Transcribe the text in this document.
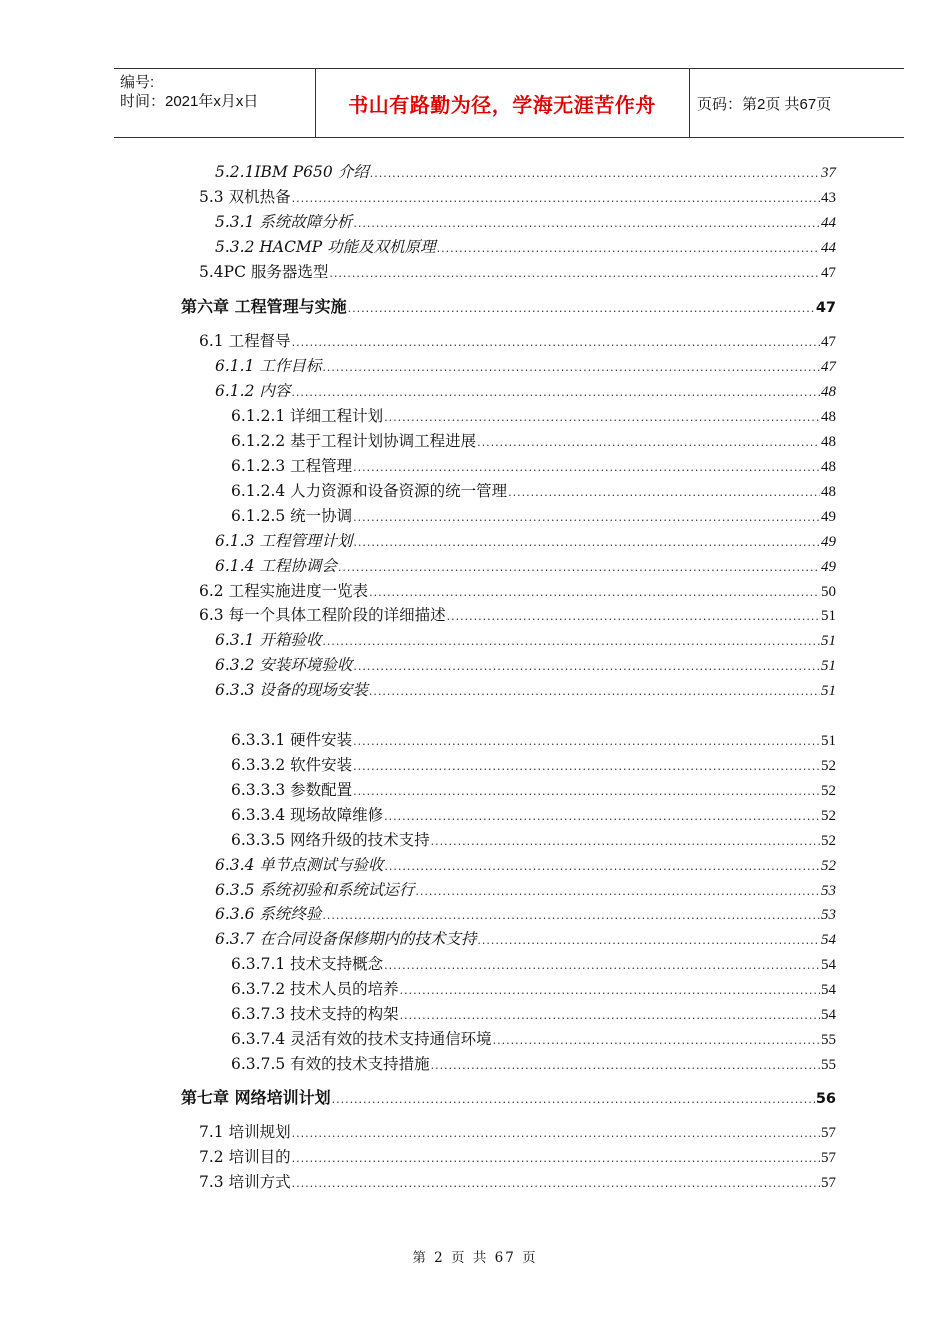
编号:
时间：2021年x月x日	书山有路勤为径，学海无涯苦作舟	页码：第2页 共67页
5.2.1IBM P650 介绍 .....	37
5.3 双机热备 .....	43
5.3.1 系统故障分析 .....	44
5.3.2 HACMP 功能及双机原理 .....	44
5.4PC 服务器选型 .....	47
第六章 工程管理与实施 .....	47
6.1 工程督导 .....	47
6.1.1 工作目标 .....	47
6.1.2 内容 .....	48
6.1.2.1 详细工程计划 .....	48
6.1.2.2 基于工程计划协调工程进展 .....	48
6.1.2.3 工程管理 .....	48
6.1.2.4 人力资源和设备资源的统一管理 .....	48
6.1.2.5 统一协调 .....	49
6.1.3 工程管理计划 .....	49
6.1.4 工程协调会 .....	49
6.2 工程实施进度一览表 .....	50
6.3 每一个具体工程阶段的详细描述 .....	51
6.3.1 开箱验收 .....	51
6.3.2 安装环境验收 .....	51
6.3.3 设备的现场安装 .....	51
6.3.3.1 硬件安装 .....	51
6.3.3.2 软件安装 .....	52
6.3.3.3 参数配置 .....	52
6.3.3.4 现场故障维修 .....	52
6.3.3.5 网络升级的技术支持 .....	52
6.3.4 单节点测试与验收 .....	52
6.3.5 系统初验和系统试运行 .....	53
6.3.6 系统终验 .....	53
6.3.7 在合同设备保修期内的技术支持 .....	54
6.3.7.1 技术支持概念 .....	54
6.3.7.2 技术人员的培养 .....	54
6.3.7.3 技术支持的构架 .....	54
6.3.7.4 灵活有效的技术支持通信环境 .....	55
6.3.7.5 有效的技术支持措施 .....	55
第七章 网络培训计划 .....	56
7.1 培训规划 .....	57
7.2 培训目的 .....	57
7.3 培训方式 .....	57
第 2 页 共 67 页
